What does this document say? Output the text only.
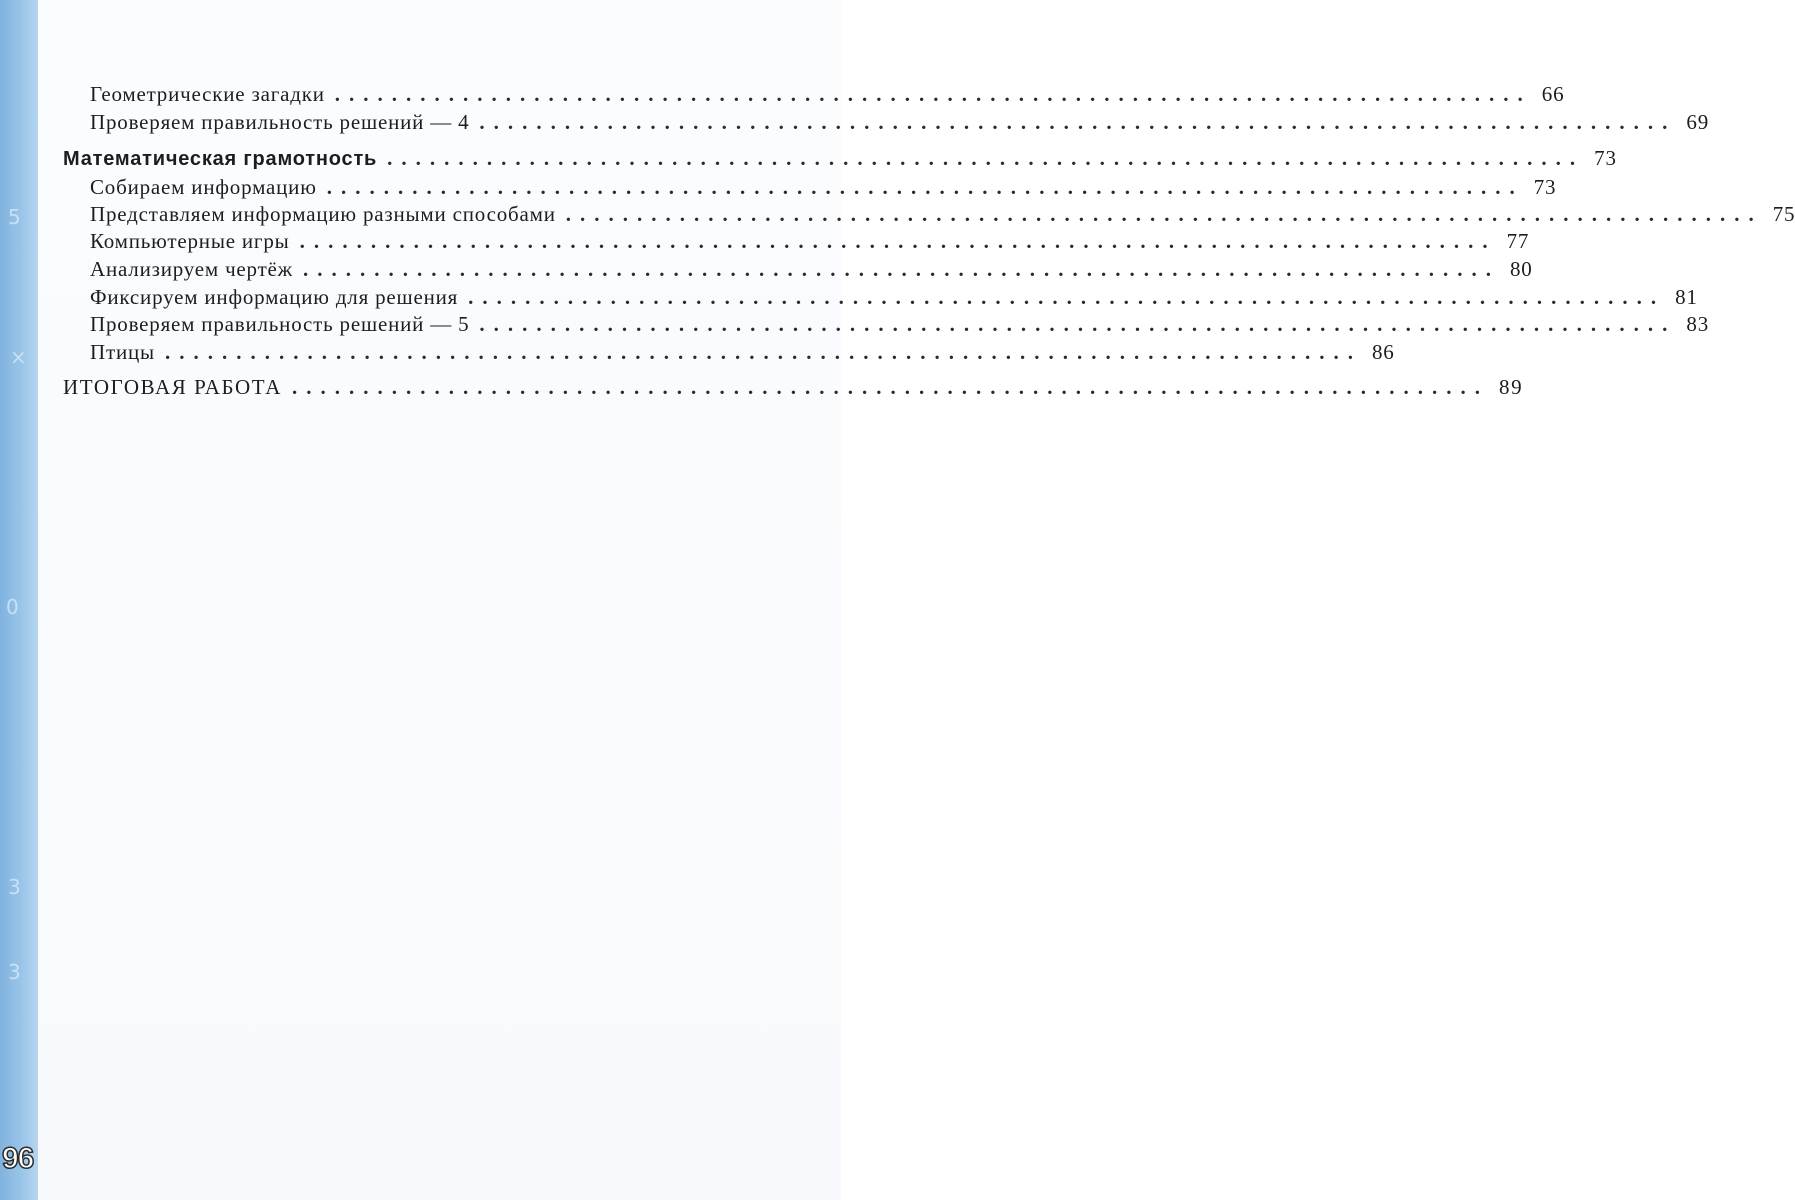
5
×
0
3
3
Геометрические загадки .................................................................................... 66
Проверяем правильность решений — 4 .................................................................................... 69
Математическая грамотность .................................................................................... 73
Собираем информацию .................................................................................... 73
Представляем информацию разными способами .................................................................................... 75
Компьютерные игры .................................................................................... 77
Анализируем чертёж .................................................................................... 80
Фиксируем информацию для решения .................................................................................... 81
Проверяем правильность решений — 5 .................................................................................... 83
Птицы .................................................................................... 86
ИТОГОВАЯ РАБОТА .................................................................................... 89
96
